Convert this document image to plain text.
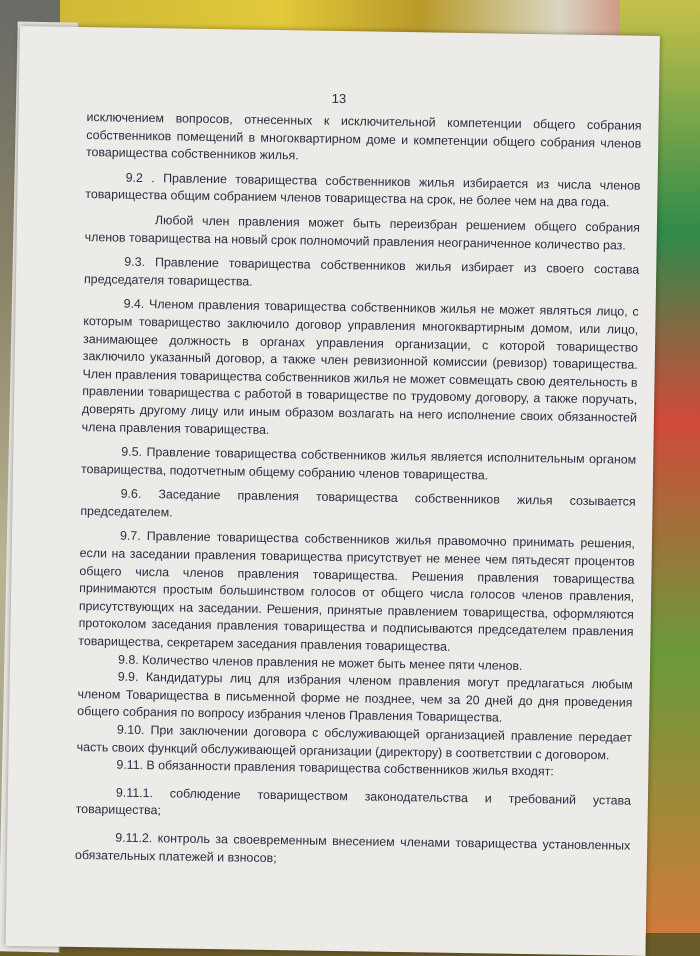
13

исключением вопросов, отнесенных к исключительной компетенции общего собрания собственников помещений в многоквартирном доме и компетенции общего собрания членов товарищества собственников жилья.

9.2 . Правление товарищества собственников жилья избирается из числа членов товарищества общим собранием членов товарищества на срок, не более чем на два года.

Любой член правления может быть переизбран решением общего собрания членов товарищества на новый срок полномочий правления неограниченное количество раз.

9.3. Правление товарищества собственников жилья избирает из своего состава председателя товарищества.

9.4. Членом правления товарищества собственников жилья не может являться лицо, с которым товарищество заключило договор управления многоквартирным домом, или лицо, занимающее должность в органах управления организации, с которой товарищество заключило указанный договор, а также член ревизионной комиссии (ревизор) товарищества. Член правления товарищества собственников жилья не может совмещать свою деятельность в правлении товарищества с работой в товариществе по трудовому договору, а также поручать, доверять другому лицу или иным образом возлагать на него исполнение своих обязанностей члена правления товарищества.

9.5. Правление товарищества собственников жилья является исполнительным органом товарищества, подотчетным общему собранию членов товарищества.

9.6. Заседание правления товарищества собственников жилья созывается председателем.

9.7. Правление товарищества собственников жилья правомочно принимать решения, если на заседании правления товарищества присутствует не менее чем пятьдесят процентов общего числа членов правления товарищества. Решения правления товарищества принимаются простым большинством голосов от общего числа голосов членов правления, присутствующих на заседании. Решения, принятые правлением товарищества, оформляются протоколом заседания правления товарищества и подписываются председателем правления товарищества, секретарем заседания правления товарищества.

9.8. Количество членов правления не может быть менее пяти членов.

9.9. Кандидатуры лиц для избрания членом правления могут предлагаться любым членом Товарищества в письменной форме не позднее, чем за 20 дней до дня проведения общего собрания по вопросу избрания членов Правления Товарищества.

9.10. При заключении договора с обслуживающей организацией правление передает часть своих функций обслуживающей организации (директору) в соответствии с договором.

9.11. В обязанности правления товарищества собственников жилья входят:

9.11.1. соблюдение товариществом законодательства и требований устава товарищества;

9.11.2. контроль за своевременным внесением членами товарищества установленных обязательных платежей и взносов;
